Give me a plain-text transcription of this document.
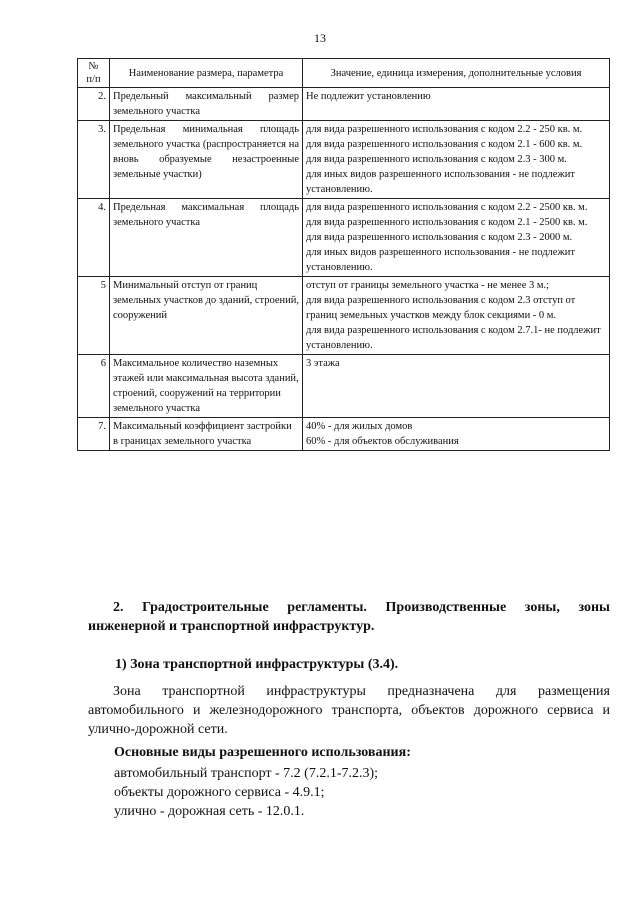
13
№
п/п	Наименование размера, параметра	Значение, единица измерения, дополнительные условия
2.	Предельный максимальный размер земельного участка	Не подлежит установлению

3.	Предельная минимальная площадь земельного участка (распространяется на вновь образуемые незастроенные земельные участки)	для вида разрешенного использования с кодом 2.2 - 250 кв. м.
для вида разрешенного использования с кодом 2.1 - 600 кв. м.
для вида разрешенного использования с кодом 2.3 - 300 м.
для иных видов разрешенного использования - не подлежит установлению.

4.	Предельная максимальная площадь земельного участка	для вида разрешенного использования с кодом 2.2 - 2500 кв. м.
для вида разрешенного использования с кодом 2.1 - 2500 кв. м.
для вида разрешенного использования с кодом 2.3 - 2000 м.
для иных видов разрешенного использования - не подлежит установлению.

5	Минимальный отступ от границ земельных участков до зданий, строений, сооружений	отступ от границы земельного участка - не менее 3 м.;
для вида разрешенного использования с кодом 2.3 отступ от границ земельных участков между блок секциями - 0 м.
для вида разрешенного использования с кодом 2.7.1- не подлежит установлению.

6	Максимальное количество наземных этажей или максимальная высота зданий, строений, сооружений на территории земельного участка	3 этажа

7.	Максимальный коэффициент застройки в границах земельного участка	40% - для жилых домов
60% - для объектов обслуживания
2. Градостроительные регламенты. Производственные зоны, зоны инженерной и транспортной инфраструктур.
1) Зона транспортной инфраструктуры (3.4).
Зона транспортной инфраструктуры предназначена для размещения автомобильного и железнодорожного транспорта, объектов дорожного сервиса и улично-дорожной сети.
Основные виды разрешенного использования:
автомобильный транспорт - 7.2 (7.2.1-7.2.3);
объекты дорожного сервиса - 4.9.1;
улично - дорожная сеть - 12.0.1.
